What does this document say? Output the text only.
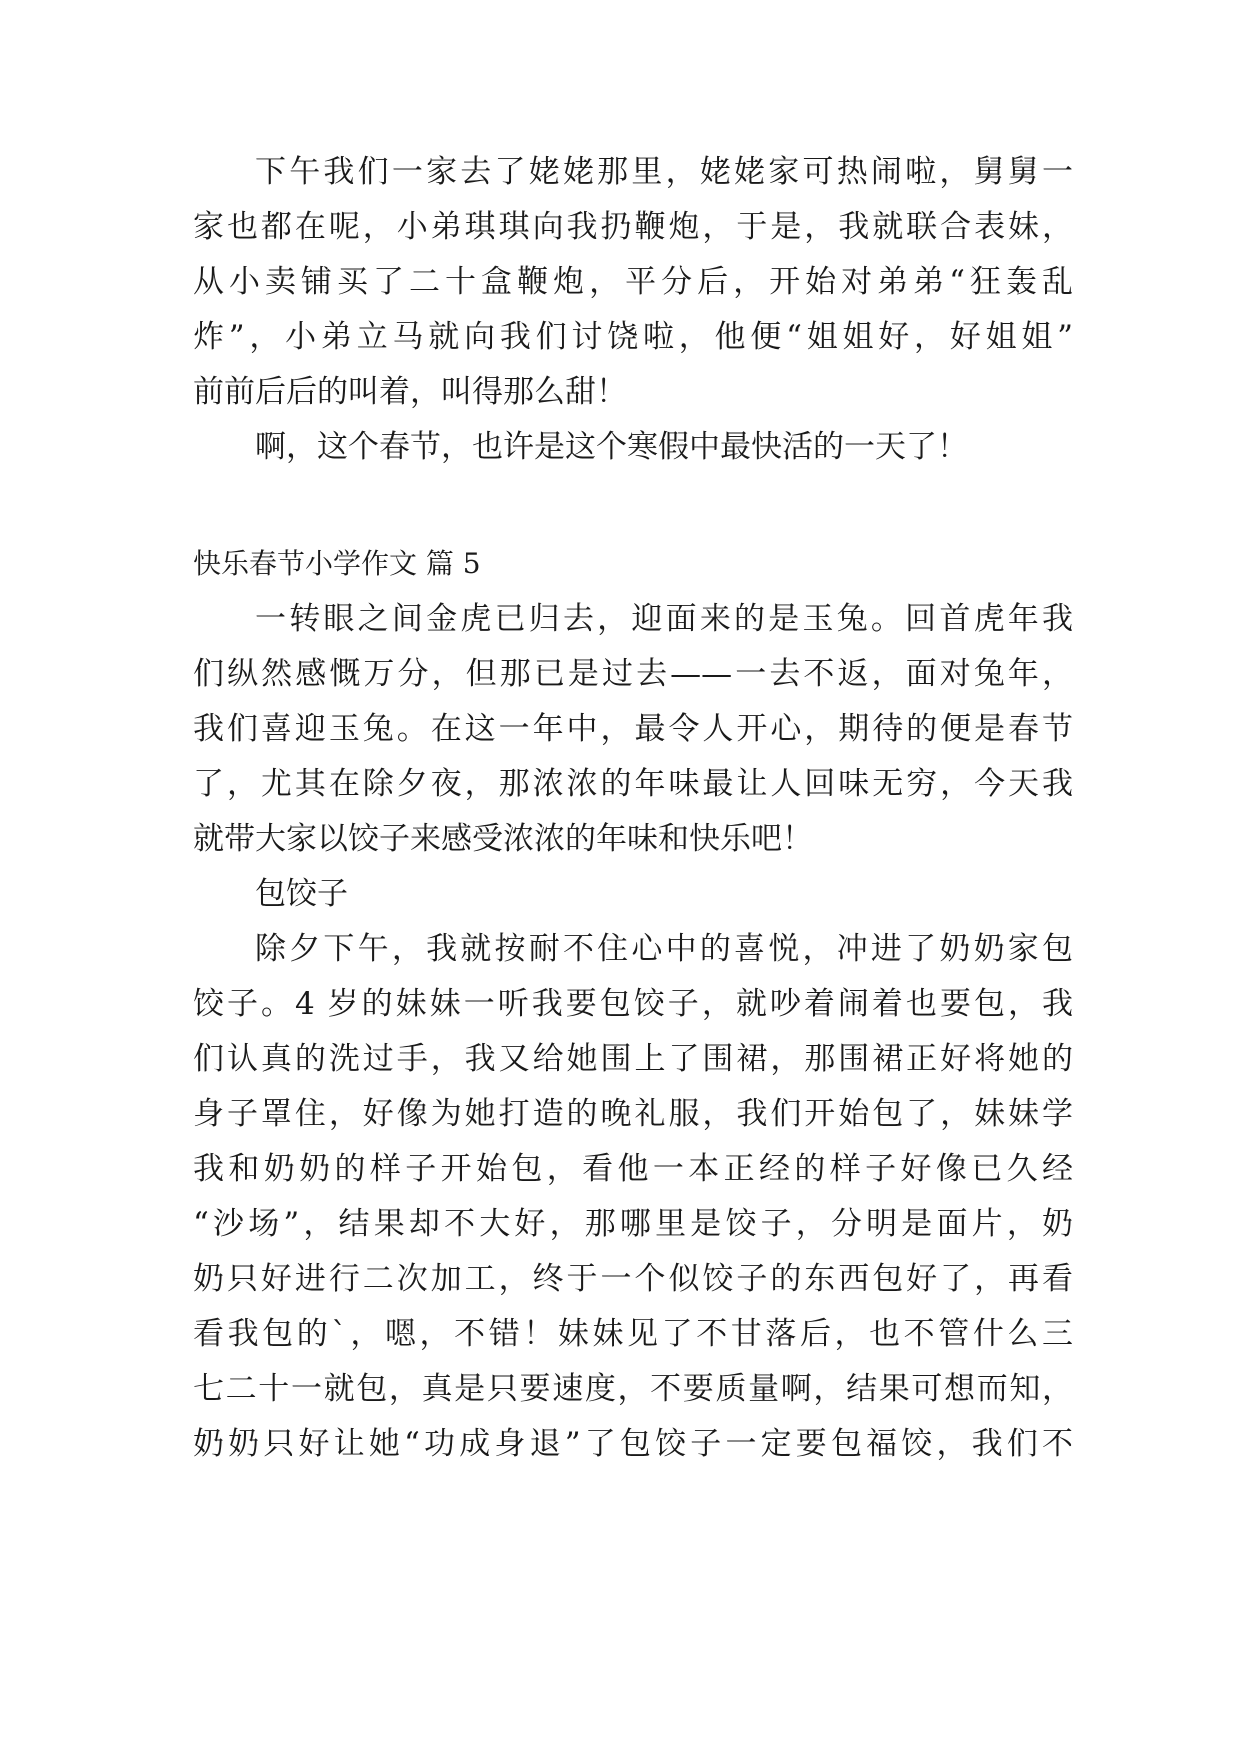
下午我们一家去了姥姥那里，姥姥家可热闹啦，舅舅一
家也都在呢，小弟琪琪向我扔鞭炮，于是，我就联合表妹，
从小卖铺买了二十盒鞭炮，平分后，开始对弟弟“狂轰乱
炸”，小弟立马就向我们讨饶啦，他便“姐姐好，好姐姐”
前前后后的叫着，叫得那么甜！
啊，这个春节，也许是这个寒假中最快活的一天了！
快乐春节小学作文 篇 5
一转眼之间金虎已归去，迎面来的是玉兔。回首虎年我
们纵然感慨万分，但那已是过去——一去不返，面对兔年，
我们喜迎玉兔。在这一年中，最令人开心，期待的便是春节
了，尤其在除夕夜，那浓浓的年味最让人回味无穷，今天我
就带大家以饺子来感受浓浓的年味和快乐吧！
包饺子
除夕下午，我就按耐不住心中的喜悦，冲进了奶奶家包
饺子。4 岁的妹妹一听我要包饺子，就吵着闹着也要包，我
们认真的洗过手，我又给她围上了围裙，那围裙正好将她的
身子罩住，好像为她打造的晚礼服，我们开始包了，妹妹学
我和奶奶的样子开始包，看他一本正经的样子好像已久经
“沙场”，结果却不大好，那哪里是饺子，分明是面片，奶
奶只好进行二次加工，终于一个似饺子的东西包好了，再看
看我包的`，嗯，不错！妹妹见了不甘落后，也不管什么三
七二十一就包，真是只要速度，不要质量啊，结果可想而知，
奶奶只好让她“功成身退”了包饺子一定要包福饺，我们不
